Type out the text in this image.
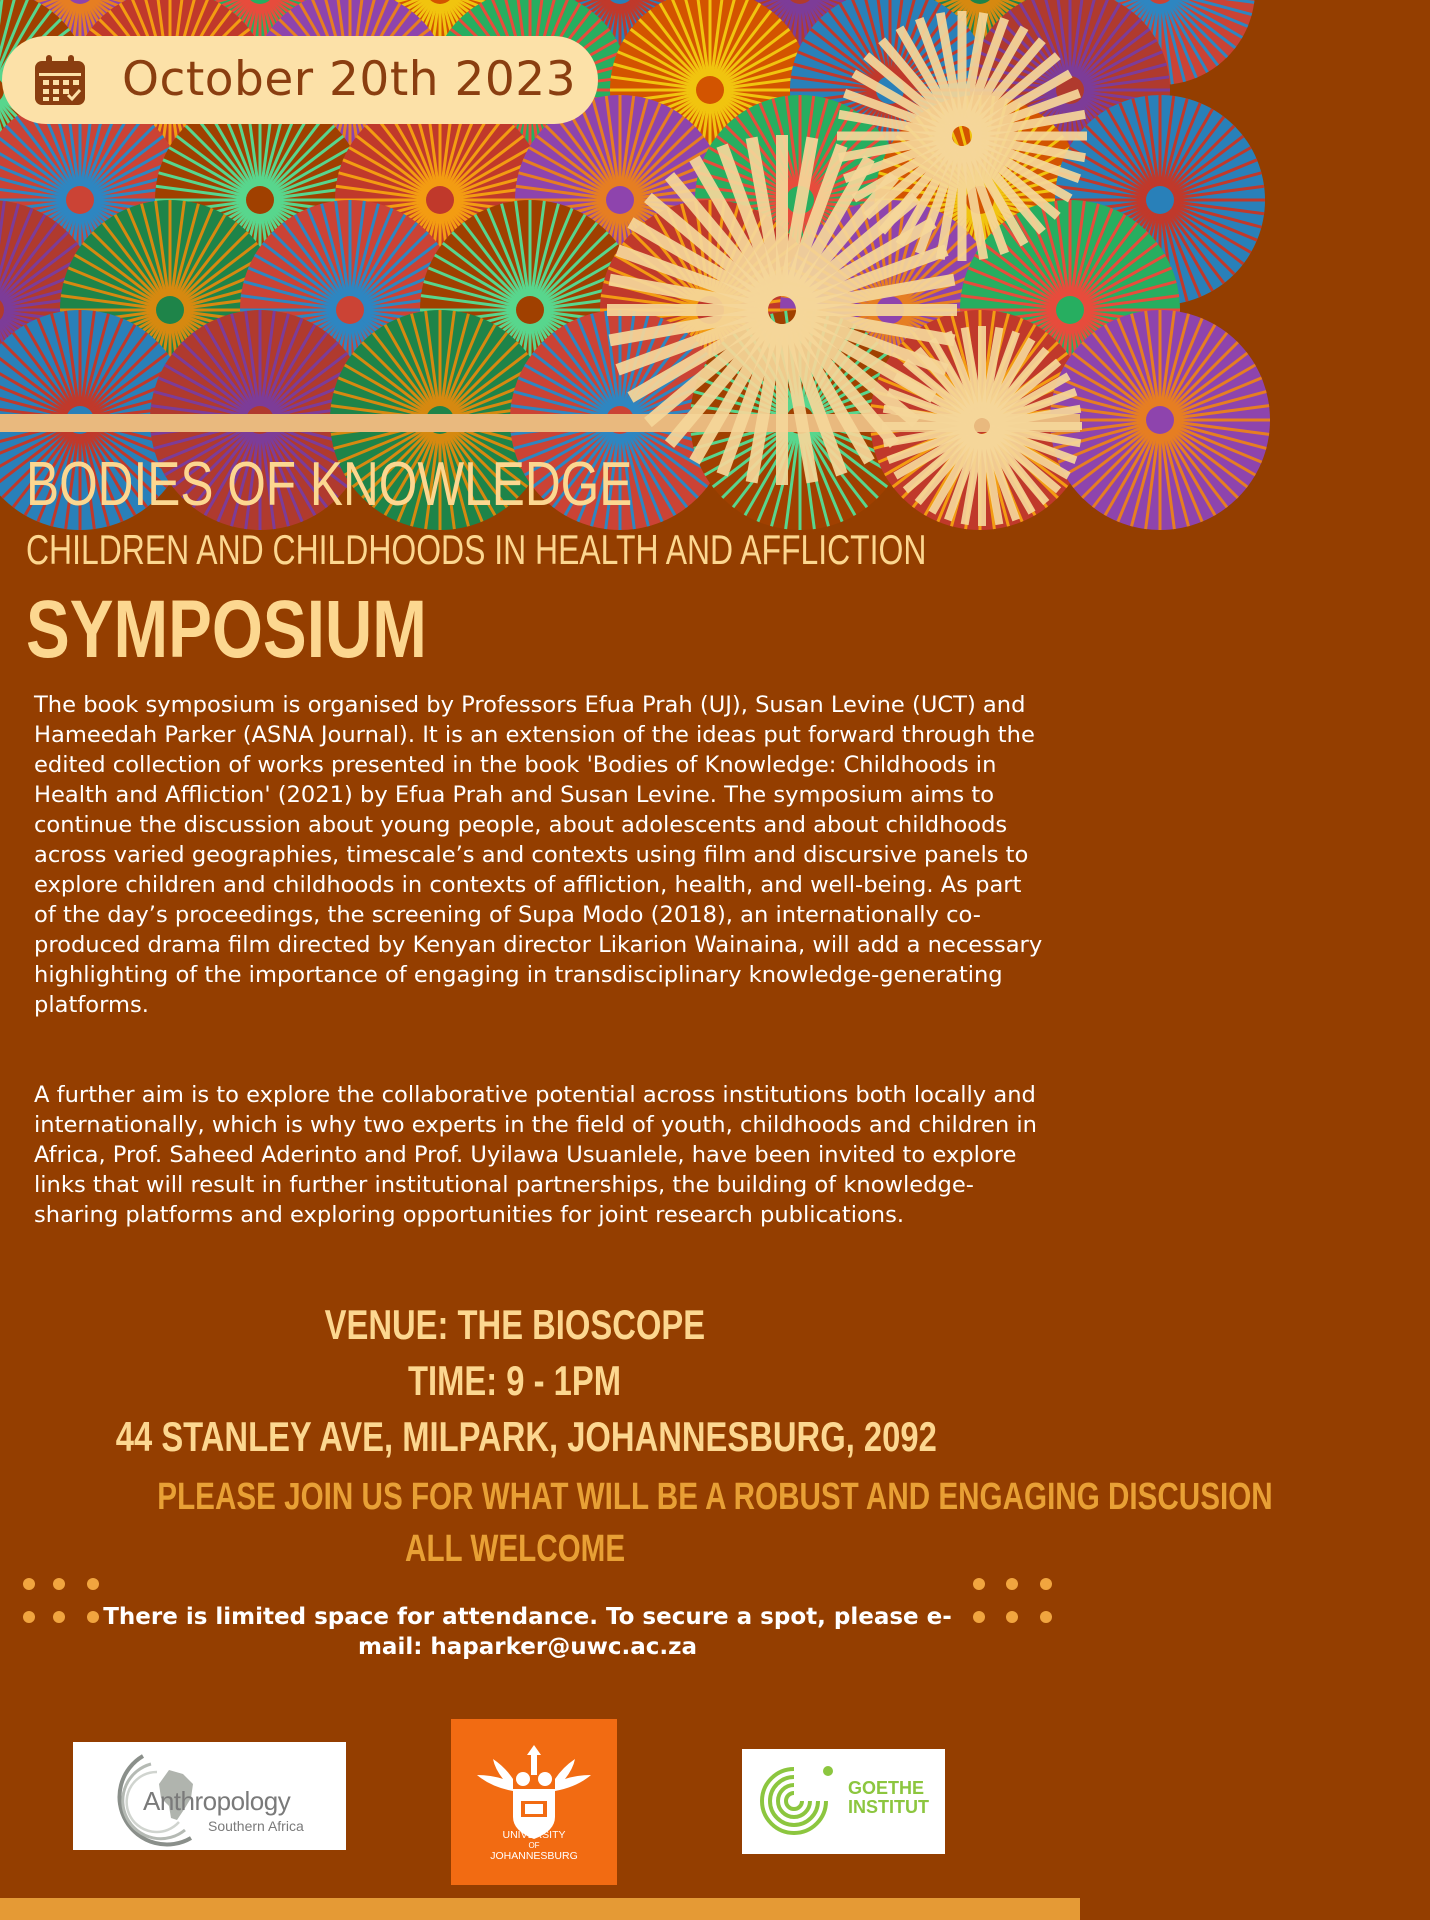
October 20th 2023
BODIES OF KNOWLEDGE
CHILDREN AND CHILDHOODS IN HEALTH AND AFFLICTION
SYMPOSIUM
The book symposium is organised by Professors Efua Prah (UJ), Susan Levine (UCT) and Hameedah Parker (ASNA Journal). It is an extension of the ideas put forward through the edited collection of works presented in the book 'Bodies of Knowledge: Childhoods in Health and Affliction' (2021) by Efua Prah and Susan Levine. The symposium aims to continue the discussion about young people, about adolescents and about childhoods across varied geographies, timescale’s and contexts using film and discursive panels to explore children and childhoods in contexts of affliction, health, and well-being. As part of the day’s proceedings, the screening of Supa Modo (2018), an internationally co-produced drama film directed by Kenyan director Likarion Wainaina, will add a necessary highlighting of the importance of engaging in transdisciplinary knowledge-generating platforms.
A further aim is to explore the collaborative potential across institutions both locally and internationally, which is why two experts in the field of youth, childhoods and children in Africa, Prof. Saheed Aderinto and Prof. Uyilawa Usuanlele, have been invited to explore links that will result in further institutional partnerships, the building of knowledge-sharing platforms and exploring opportunities for joint research publications.
VENUE: THE BIOSCOPE
TIME: 9 - 1PM
44 STANLEY AVE, MILPARK, JOHANNESBURG, 2092
PLEASE JOIN US FOR WHAT WILL BE A ROBUST AND ENGAGING DISCUSION
ALL WELCOME
There is limited space for attendance. To secure a spot, please e-mail: haparker@uwc.ac.za
Anthropology
Southern Africa
UNIVERSITY
OF
JOHANNESBURG
GOETHE
INSTITUT
